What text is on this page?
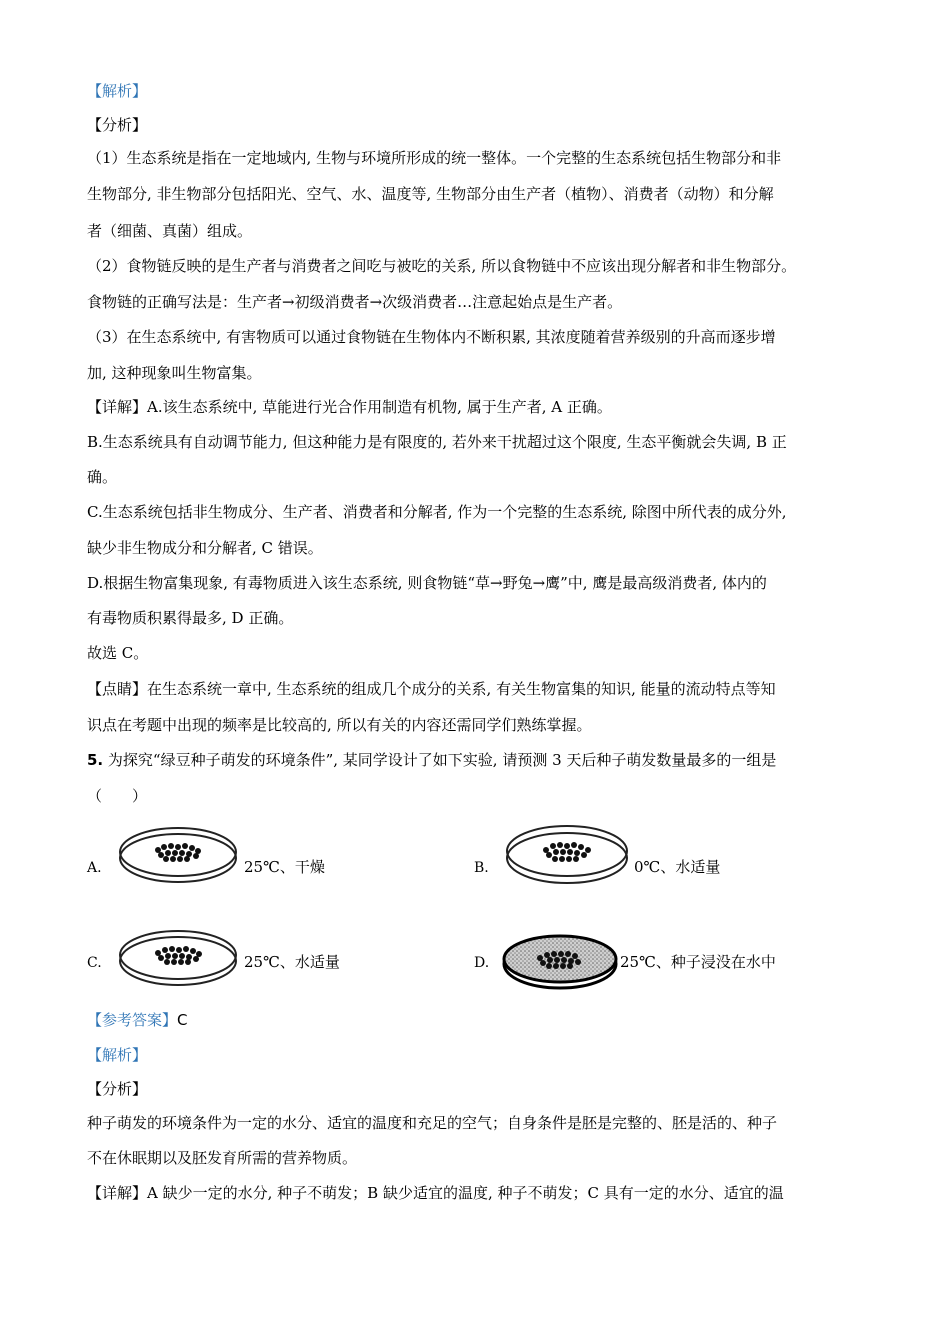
【解析】
【分析】
（1）生态系统是指在一定地域内, 生物与环境所形成的统一整体。一个完整的生态系统包括生物部分和非
生物部分, 非生物部分包括阳光、空气、水、温度等, 生物部分由生产者（植物）、消费者（动物）和分解
者（细菌、真菌）组成。
（2）食物链反映的是生产者与消费者之间吃与被吃的关系, 所以食物链中不应该出现分解者和非生物部分。
食物链的正确写法是：生产者→初级消费者→次级消费者…注意起始点是生产者。
（3）在生态系统中, 有害物质可以通过食物链在生物体内不断积累, 其浓度随着营养级别的升高而逐步增
加, 这种现象叫生物富集。
【详解】A.该生态系统中, 草能进行光合作用制造有机物, 属于生产者, A 正确。
B.生态系统具有自动调节能力, 但这种能力是有限度的, 若外来干扰超过这个限度, 生态平衡就会失调, B 正
确。
C.生态系统包括非生物成分、生产者、消费者和分解者, 作为一个完整的生态系统, 除图中所代表的成分外,
缺少非生物成分和分解者, C 错误。
D.根据生物富集现象, 有毒物质进入该生态系统, 则食物链“草→野兔→鹰”中, 鹰是最高级消费者, 体内的
有毒物质积累得最多, D 正确。
故选 C。
【点睛】在生态系统一章中, 生态系统的组成几个成分的关系, 有关生物富集的知识, 能量的流动特点等知
识点在考题中出现的频率是比较高的, 所以有关的内容还需同学们熟练掌握。
5. 为探究“绿豆种子萌发的环境条件”, 某同学设计了如下实验, 请预测 3 天后种子萌发数量最多的一组是
（　　）
A.	25℃、干燥	B.	0℃、水适量
C.	25℃、水适量	D.	25℃、种子浸没在水中
【参考答案】C
【解析】
【分析】
种子萌发的环境条件为一定的水分、适宜的温度和充足的空气；自身条件是胚是完整的、胚是活的、种子
不在休眠期以及胚发育所需的营养物质。
【详解】A 缺少一定的水分, 种子不萌发；B 缺少适宜的温度, 种子不萌发；C 具有一定的水分、适宜的温
